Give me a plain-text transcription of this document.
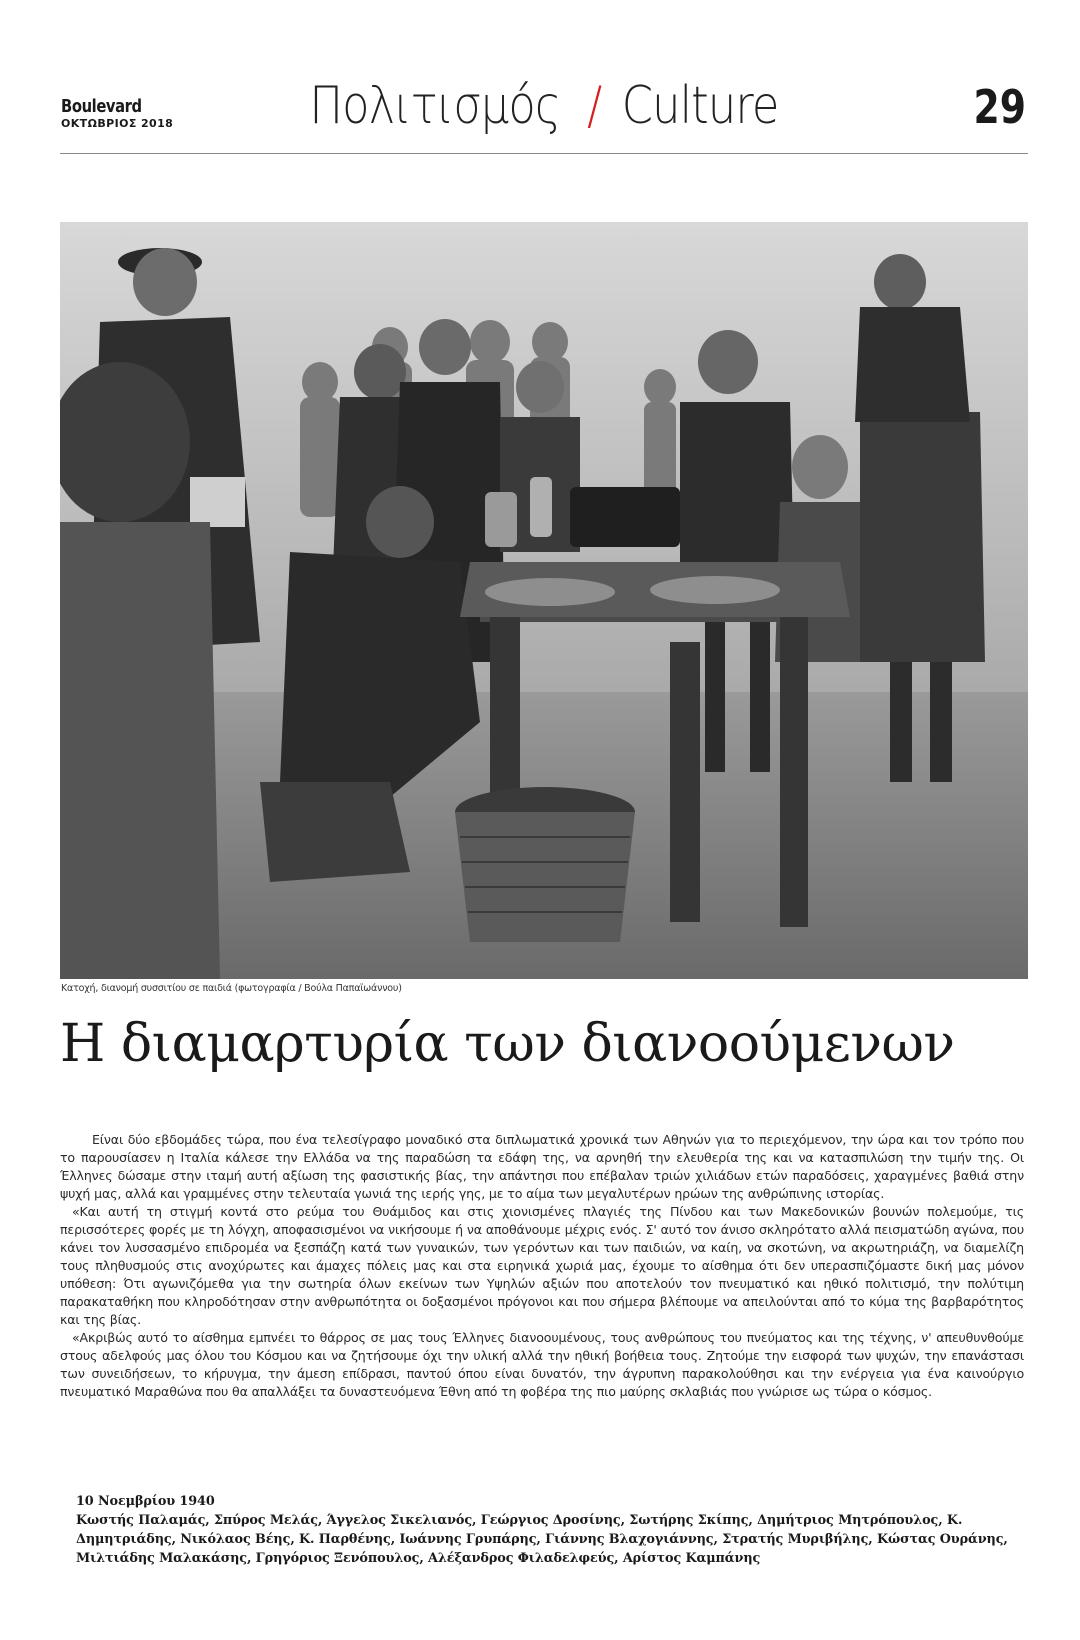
Boulevard
ΟΚΤΩΒΡΙΟΣ 2018	Πολιτισμός / Culture	29
Κατοχή, διανομή συσσιτίου σε παιδιά (φωτογραφία / Βούλα Παπαϊωάννου)
Η διαμαρτυρία των διανοούμενων

Είναι δύο εβδομάδες τώρα, που ένα τελεσίγραφο μοναδικό στα διπλωματικά χρονικά των Αθηνών για το περιεχόμενον, την ώρα και τον τρόπο που το παρουσίασεν η Ιταλία κάλεσε την Ελλάδα να της παραδώση τα εδάφη της, να αρνηθή την ελευθερία της και να κατασπιλώση την τιμήν της. Οι Έλληνες δώσαμε στην ιταμή αυτή αξίωση της φασιστικής βίας, την απάντησι που επέβαλαν τριών χιλιάδων ετών παραδόσεις, χαραγμένες βαθιά στην ψυχή μας, αλλά και γραμμένες στην τελευταία γωνιά της ιερής γης, με το αίμα των μεγαλυτέρων ηρώων της ανθρώπινης ιστορίας.

«Και αυτή τη στιγμή κοντά στο ρεύμα του Θυάμιδος και στις χιονισμένες πλαγιές της Πίνδου και των Μακεδονικών βουνών πολεμούμε, τις περισσότερες φορές με τη λόγχη, αποφασισμένοι να νικήσουμε ή να αποθάνουμε μέχρις ενός. Σ' αυτό τον άνισο σκληρότατο αλλά πεισματώδη αγώνα, που κάνει τον λυσσασμένο επιδρομέα να ξεσπάζη κατά των γυναικών, των γερόντων και των παιδιών, να καίη, να σκοτώνη, να ακρωτηριάζη, να διαμελίζη τους πληθυσμούς στις ανοχύρωτες και άμαχες πόλεις μας και στα ειρηνικά χωριά μας, έχουμε το αίσθημα ότι δεν υπερασπιζόμαστε δική μας μόνον υπόθεση: Ότι αγωνιζόμεθα για την σωτηρία όλων εκείνων των Υψηλών αξιών που αποτελούν τον πνευματικό και ηθικό πολιτισμό, την πολύτιμη παρακαταθήκη που κληροδότησαν στην ανθρωπότητα οι δοξασμένοι πρόγονοι και που σήμερα βλέπουμε να απειλούνται από το κύμα της βαρβαρότητος και της βίας.

«Ακριβώς αυτό το αίσθημα εμπνέει το θάρρος σε μας τους Έλληνες διανοουμένους, τους ανθρώπους του πνεύματος και της τέχνης, ν' απευθυνθούμε στους αδελφούς μας όλου του Κόσμου και να ζητήσουμε όχι την υλική αλλά την ηθική βοήθεια τους. Ζητούμε την εισφορά των ψυχών, την επανάστασι των συνειδήσεων, το κήρυγμα, την άμεση επίδρασι, παντού όπου είναι δυνατόν, την άγρυπνη παρακολούθησι και την ενέργεια για ένα καινούργιο πνευματικό Μαραθώνα που θα απαλλάξει τα δυναστευόμενα Έθνη από τη φοβέρα της πιο μαύρης σκλαβιάς που γνώρισε ως τώρα ο κόσμος.

10 Νοεμβρίου 1940
Κωστής Παλαμάς, Σπύρος Μελάς, Άγγελος Σικελιανός, Γεώργιος Δροσίνης, Σωτήρης Σκίπης, Δημήτριος Μητρόπουλος, Κ. Δημητριάδης, Νικόλαος Βέης, Κ. Παρθένης, Ιωάννης Γρυπάρης, Γιάννης Βλαχογιάννης, Στρατής Μυριβήλης, Κώστας Ουράνης, Μιλτιάδης Μαλακάσης, Γρηγόριος Ξενόπουλος, Αλέξανδρος Φιλαδελφεύς, Αρίστος Καμπάνης
